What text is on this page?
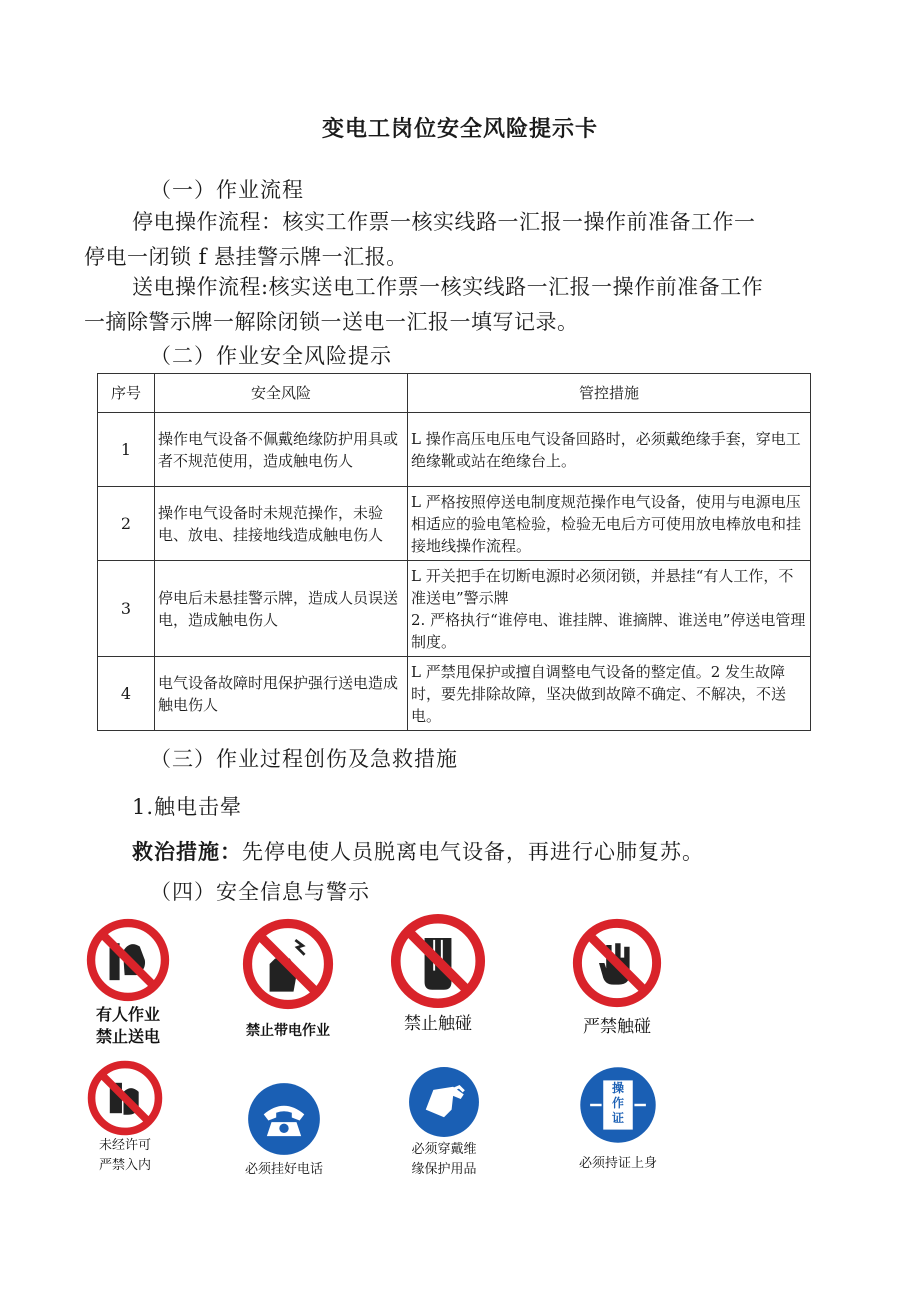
变电工岗位安全风险提示卡
（一）作业流程
停电操作流程：核实工作票一核实线路一汇报一操作前准备工作一
停电一闭锁 f 悬挂警示牌一汇报。
送电操作流程:核实送电工作票一核实线路一汇报一操作前准备工作
一摘除警示牌一解除闭锁一送电一汇报一填写记录。
（二）作业安全风险提示
序号	安全风险	管控措施
1	操作电气设备不佩戴绝缘防护用具或者不规范使用，造成触电伤人	L 操作高压电压电气设备回路时，必须戴绝缘手套，穿电工绝缘靴或站在绝缘台上。
2	操作电气设备时未规范操作，未验电、放电、挂接地线造成触电伤人	L 严格按照停送电制度规范操作电气设备，使用与电源电压相适应的验电笔检验，检验无电后方可使用放电棒放电和挂接地线操作流程。
3	停电后未悬挂警示牌，造成人员误送电，造成触电伤人	L 开关把手在切断电源时必须闭锁，并悬挂“有人工作，不准送电”警示牌
2. 严格执行“谁停电、谁挂牌、谁摘牌、谁送电”停送电管理制度。

4	电气设备故障时甩保护强行送电造成触电伤人	L 严禁甩保护或擅自调整电气设备的整定值。2 发生故障时，要先排除故障，坚决做到故障不确定、不解决，不送电。
（三）作业过程创伤及急救措施
1.触电击晕
救治措施：先停电使人员脱离电气设备，再进行心肺复苏。
（四）安全信息与警示
有人作业
禁止送电	禁止带电作业	禁止触碰	严禁触碰
未经许可
严禁入内	必须挂好电话
必须穿戴维
缘保护用品
操
作
证
必须持证上身
